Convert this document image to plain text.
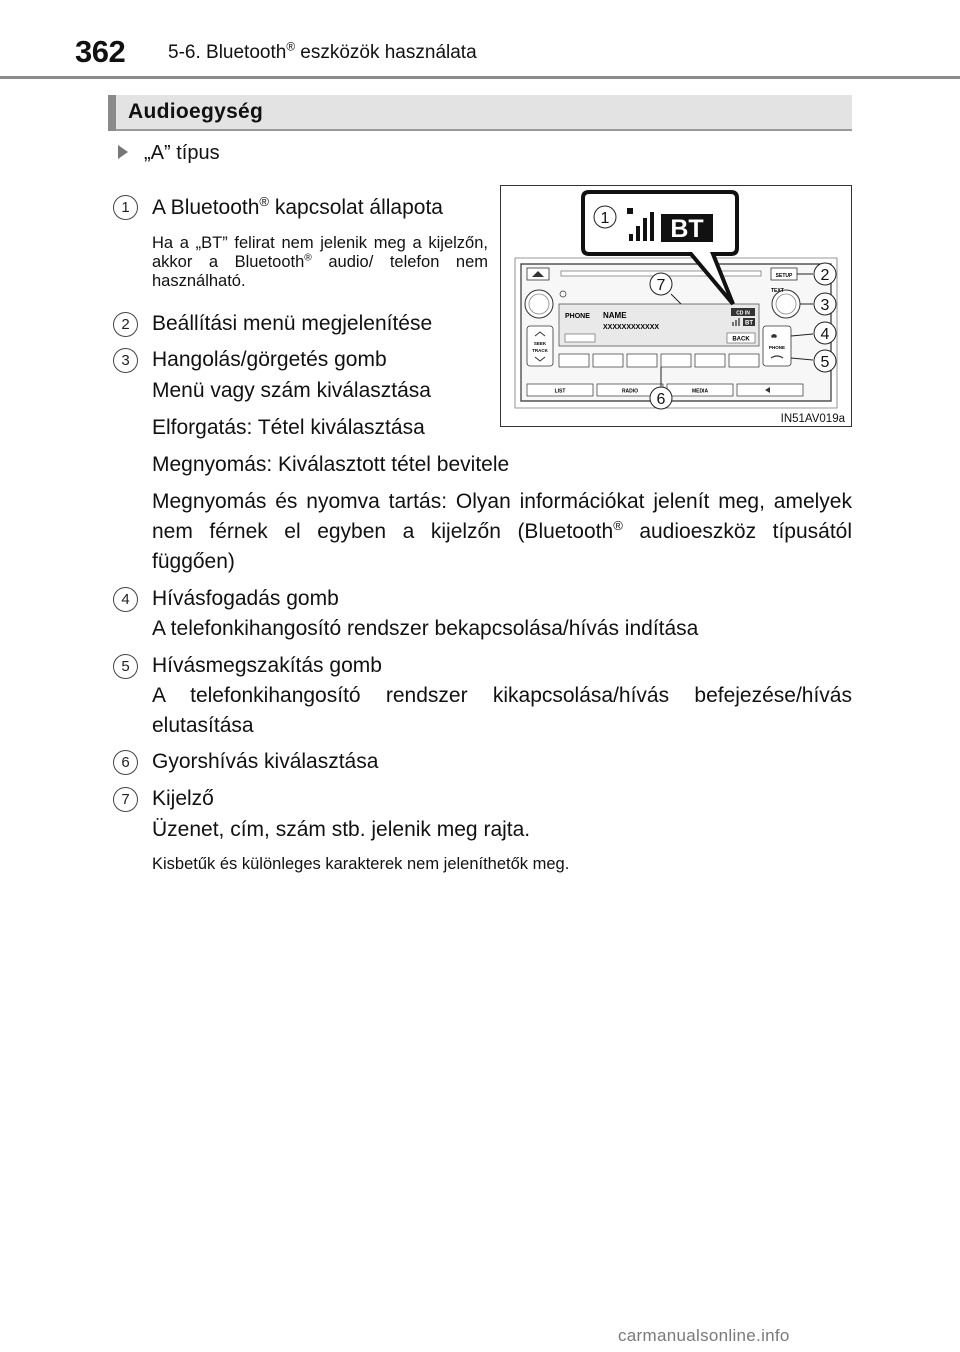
362 5-6. Bluetooth® eszközök használata
Audioegység
„A” típus
1	A Bluetooth® kapcsolat állapota
Ha a „BT” felirat nem jelenik meg a kijelzőn, akkor a Bluetooth® audio/ telefon nem használható.
2	Beállítási menü megjelenítése
3	Hangolás/görgetés gomb
Menü vagy szám kiválasztása
Elforgatás: Tétel kiválasztása
Megnyomás: Kiválasztott tétel bevitele
Megnyomás és nyomva tartás: Olyan információkat jelenít meg, amelyek nem férnek el egyben a kijelzőn (Bluetooth® audioeszköz típusától függően)
4	Hívásfogadás gomb
A telefonkihangosító rendszer bekapcsolása/hívás indítása
5	Hívásmegszakítás gomb
A telefonkihangosító rendszer kikapcsolása/hívás befejezése/hívás elutasítása
6	Gyorshívás kiválasztása
7	Kijelző
Üzenet, cím, szám stb. jelenik meg rajta.
Kisbetűk és különleges karakterek nem jeleníthetők meg.
SETUP
TEXT
PHONE NAME
XXXXXXXXXXXX
CD IN
BT
BACK
SEEK
TRACK
PHONE
LIST	RADIO	MEDIA
BT
1
2
3
4
5
6
7
IN51AV019a
carmanualsonline.info
